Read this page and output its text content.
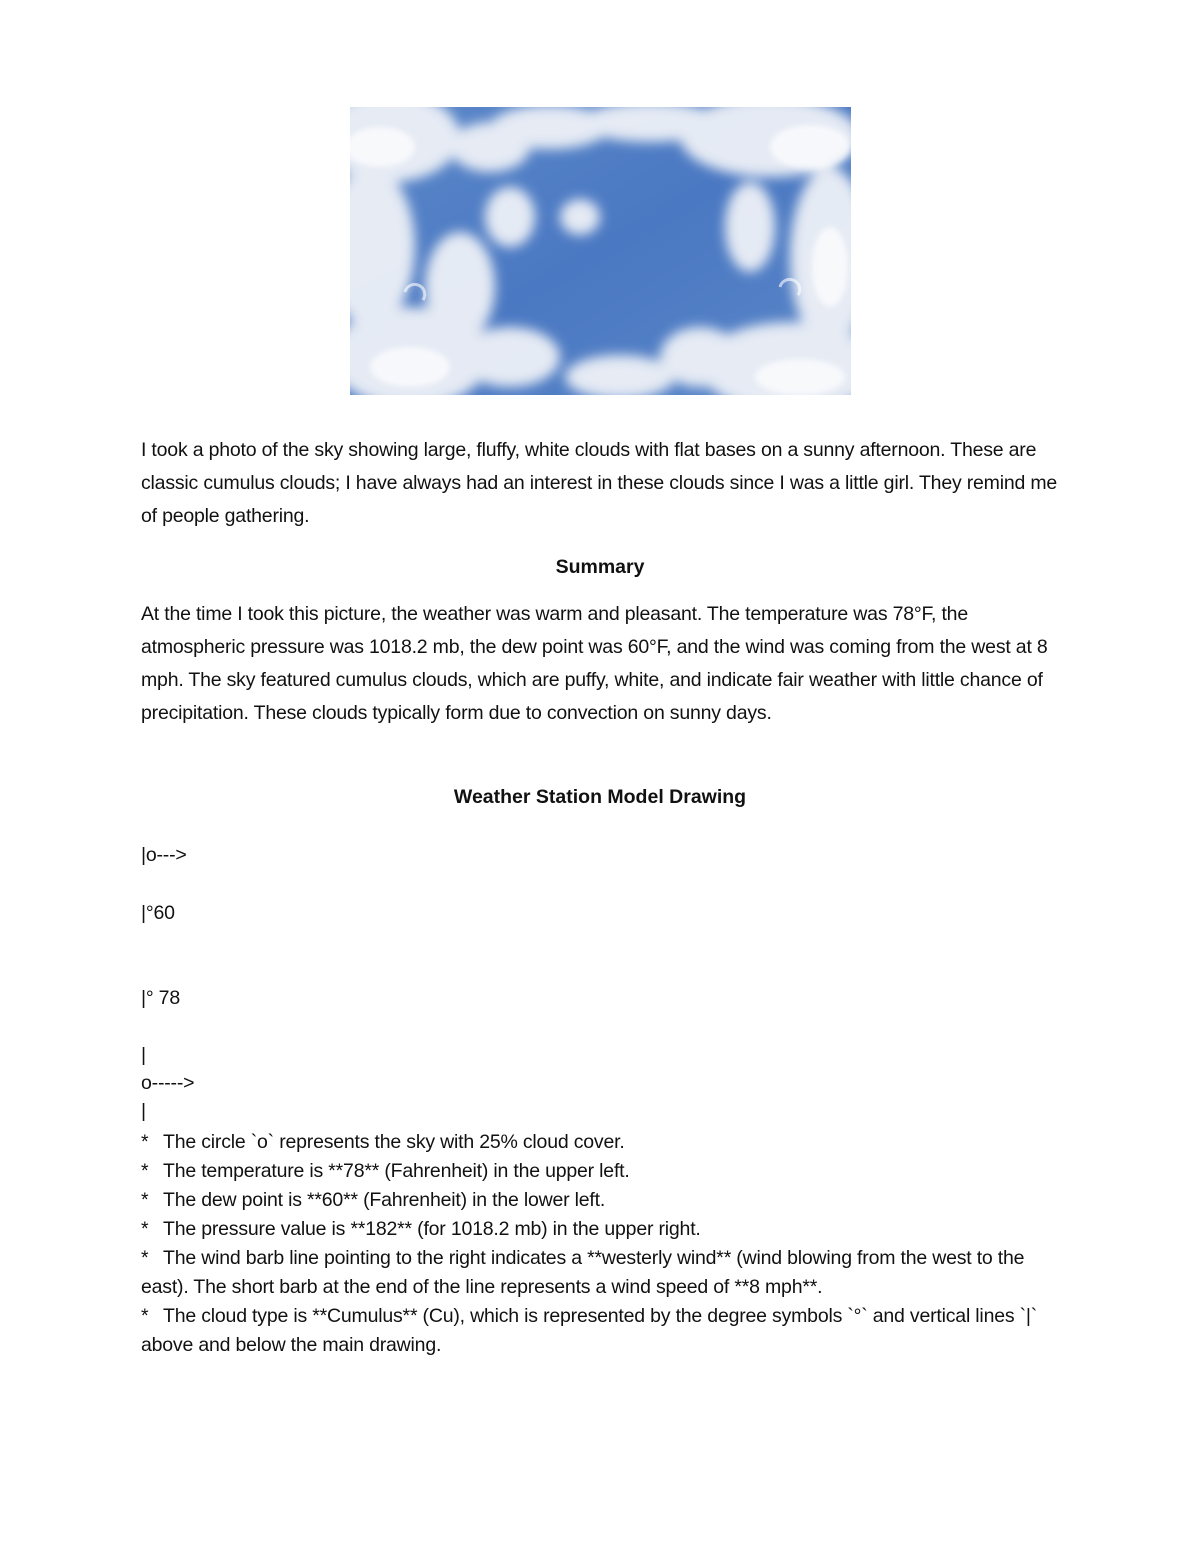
I took a photo of the sky showing large, fluffy, white clouds with flat bases on a sunny afternoon. These are classic cumulus clouds; I have always had an interest in these clouds since I was a little girl. They remind me of people gathering.
Summary
At the time I took this picture, the weather was warm and pleasant. The temperature was 78°F, the atmospheric pressure was 1018.2 mb, the dew point was 60°F, and the wind was coming from the west at 8 mph. The sky featured cumulus clouds, which are puffy, white, and indicate fair weather with little chance of precipitation. These clouds typically form due to convection on sunny days.
Weather Station Model Drawing
|o--->
|°60
|° 78
|
o----->
|
* The circle `o` represents the sky with 25% cloud cover.
* The temperature is **78** (Fahrenheit) in the upper left.
* The dew point is **60** (Fahrenheit) in the lower left.
* The pressure value is **182** (for 1018.2 mb) in the upper right.
* The wind barb line pointing to the right indicates a **westerly wind** (wind blowing from the west to the east). The short barb at the end of the line represents a wind speed of **8 mph**.
* The cloud type is **Cumulus** (Cu), which is represented by the degree symbols `°` and vertical lines `|` above and below the main drawing.
